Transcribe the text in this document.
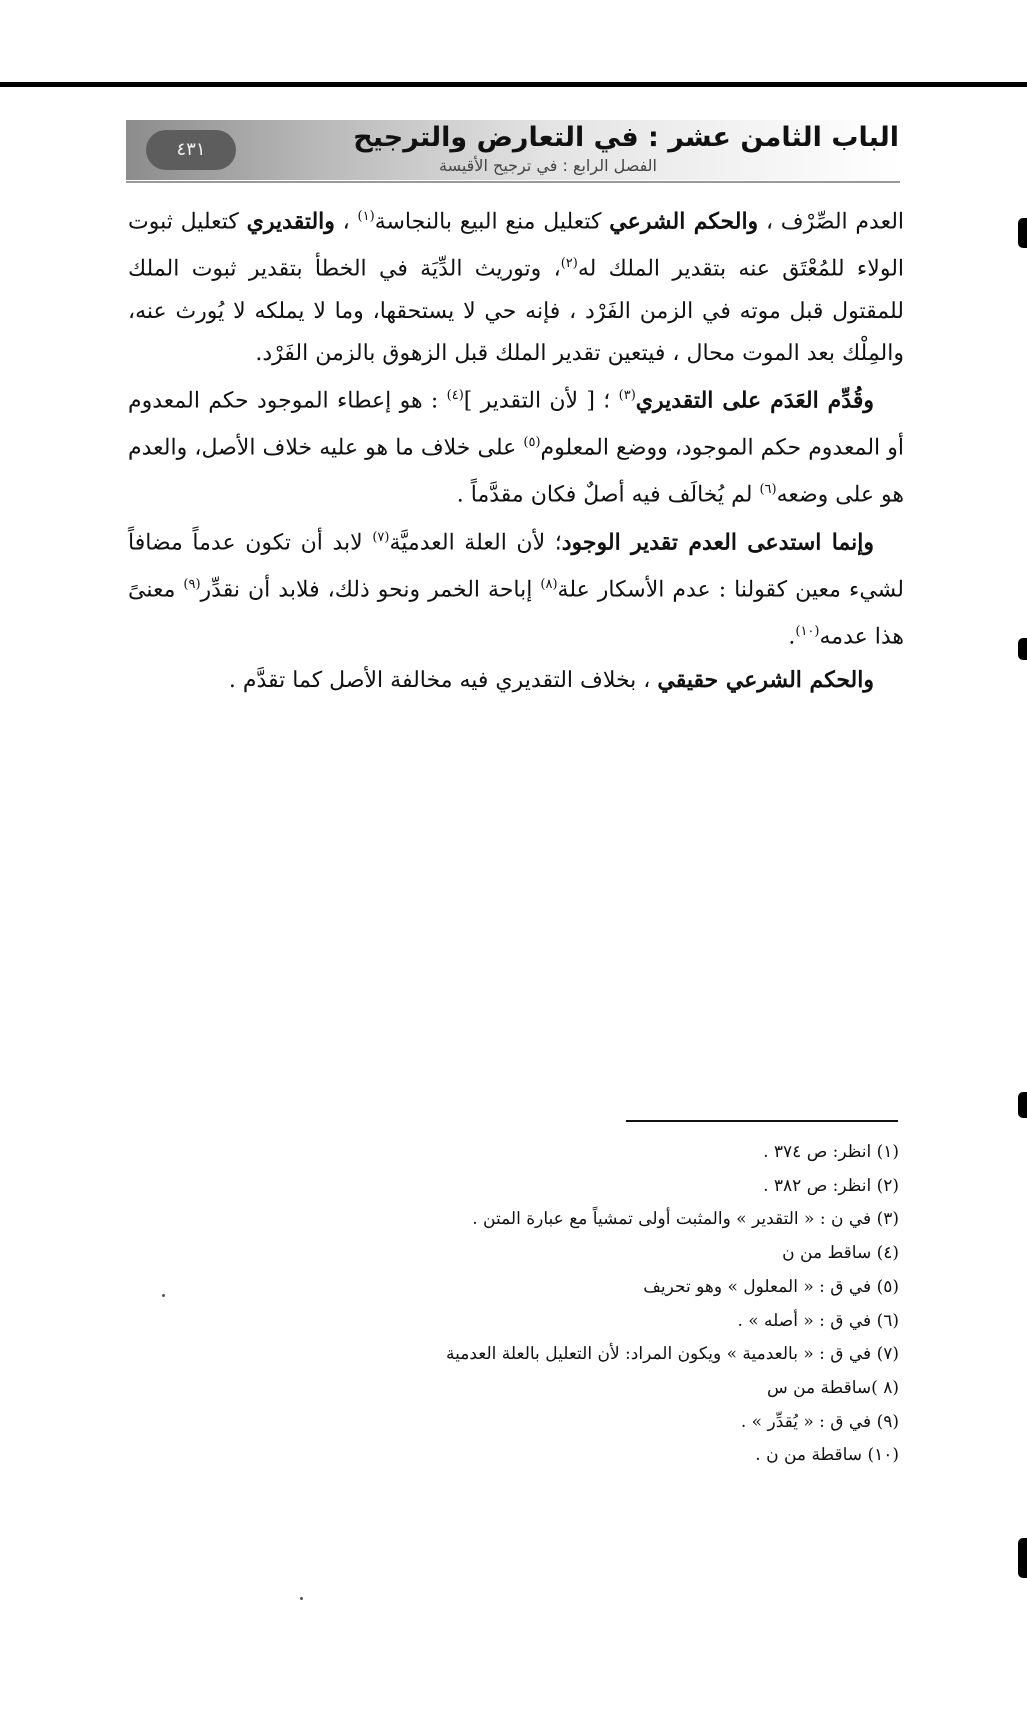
٤٣١	الباب الثامن عشر : في التعارض والترجيح
الفصل الرابع : في ترجيح الأقيسة

العدم الصِّرْف ، والحكم الشرعي كتعليل منع البيع بالنجاسة$^{(١)}$ ، والتقديري كتعليل ثبوت الولاء للمُعْتَق عنه بتقدير الملك له$^{(٢)}$، وتوريث الدِّيَة في الخطأ بتقدير ثبوت الملك للمقتول قبل موته في الزمن الفَرْد ، فإنه حي لا يستحقها، وما لا يملكه لا يُورث عنه، والمِلْك بعد الموت محال ، فيتعين تقدير الملك قبل الزهوق بالزمن الفَرْد.

وقُدِّم العَدَم على التقديري$^{(٣)}$ ؛ [ لأن التقدير ]$^{(٤)}$ : هو إعطاء الموجود حكم المعدوم أو المعدوم حكم الموجود، ووضع المعلوم$^{(٥)}$ على خلاف ما هو عليه خلاف الأصل، والعدم هو على وضعه$^{(٦)}$ لم يُخالَف فيه أصلٌ فكان مقدَّماً .

وإنما استدعى العدم تقدير الوجود؛ لأن العلة العدميَّة$^{(٧)}$ لابد أن تكون عدماً مضافاً لشيء معين كقولنا : عدم الأسكار علة$^{(٨)}$ إباحة الخمر ونحو ذلك، فلابد أن نقدِّر$^{(٩)}$ معنىً هذا عدمه$^{(١٠)}$.

والحكم الشرعي حقيقي ، بخلاف التقديري فيه مخالفة الأصل كما تقدَّم .

(١) انظر: ص ٣٧٤ .
(٢) انظر: ص ٣٨٢ .
(٣) في ن : « التقدير » والمثبت أولى تمشياً مع عبارة المتن .
(٤) ساقط من ن
(٥) في ق : « المعلول » وهو تحريف
(٦) في ق : « أصله » .
(٧) في ق : « بالعدمية » ويكون المراد: لأن التعليل بالعلة العدمية
(٨ )ساقطة من س
(٩) في ق : « يُقدِّر » .
(١٠) ساقطة من ن .
